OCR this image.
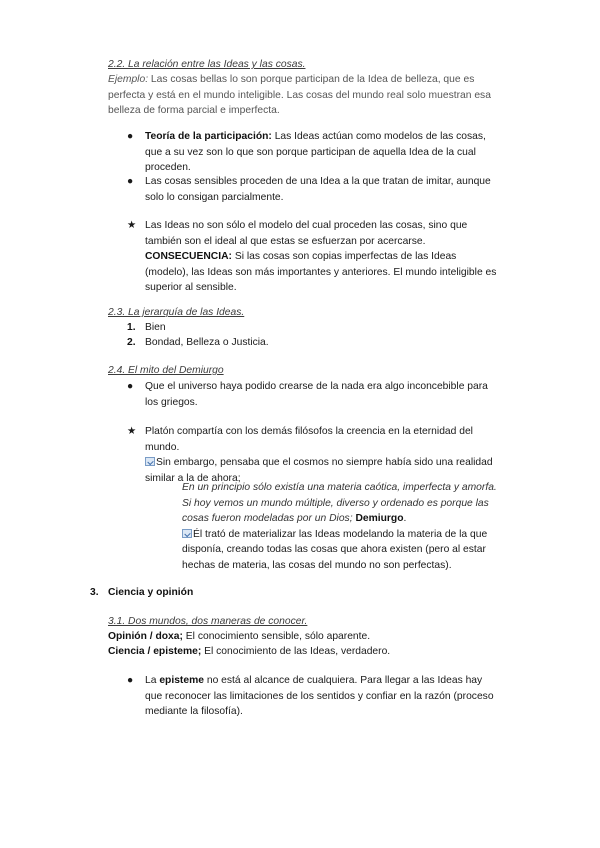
2.2. La relación entre las Ideas y las cosas.
Ejemplo: Las cosas bellas lo son porque participan de la Idea de belleza, que es
perfecta y está en el mundo inteligible. Las cosas del mundo real solo muestran esa
belleza de forma parcial e imperfecta.
● Teoría de la participación: Las Ideas actúan como modelos de las cosas,
que a su vez son lo que son porque participan de aquella Idea de la cual
proceden.
● Las cosas sensibles proceden de una Idea a la que tratan de imitar, aunque
solo lo consigan parcialmente.
★ Las Ideas no son sólo el modelo del cual proceden las cosas, sino que
también son el ideal al que estas se esfuerzan por acercarse.
CONSECUENCIA: Si las cosas son copias imperfectas de las Ideas
(modelo), las Ideas son más importantes y anteriores. El mundo inteligible es
superior al sensible.
2.3. La jerarquía de las Ideas.
1. Bien
2. Bondad, Belleza o Justicia.
2.4. El mito del Demiurgo
● Que el universo haya podido crearse de la nada era algo inconcebible para
los griegos.
★ Platón compartía con los demás filósofos la creencia en la eternidad del
mundo.
Sin embargo, pensaba que el cosmos no siempre había sido una realidad
similar a la de ahora;
En un principio sólo existía una materia caótica, imperfecta y amorfa.
Si hoy vemos un mundo múltiple, diverso y ordenado es porque las
cosas fueron modeladas por un Dios; Demiurgo.
Él trató de materializar las Ideas modelando la materia de la que
disponía, creando todas las cosas que ahora existen (pero al estar
hechas de materia, las cosas del mundo no son perfectas).
3. Ciencia y opinión
3.1. Dos mundos, dos maneras de conocer.
Opinión / doxa; El conocimiento sensible, sólo aparente.
Ciencia / episteme; El conocimiento de las Ideas, verdadero.
● La episteme no está al alcance de cualquiera. Para llegar a las Ideas hay
que reconocer las limitaciones de los sentidos y confiar en la razón (proceso
mediante la filosofía).
